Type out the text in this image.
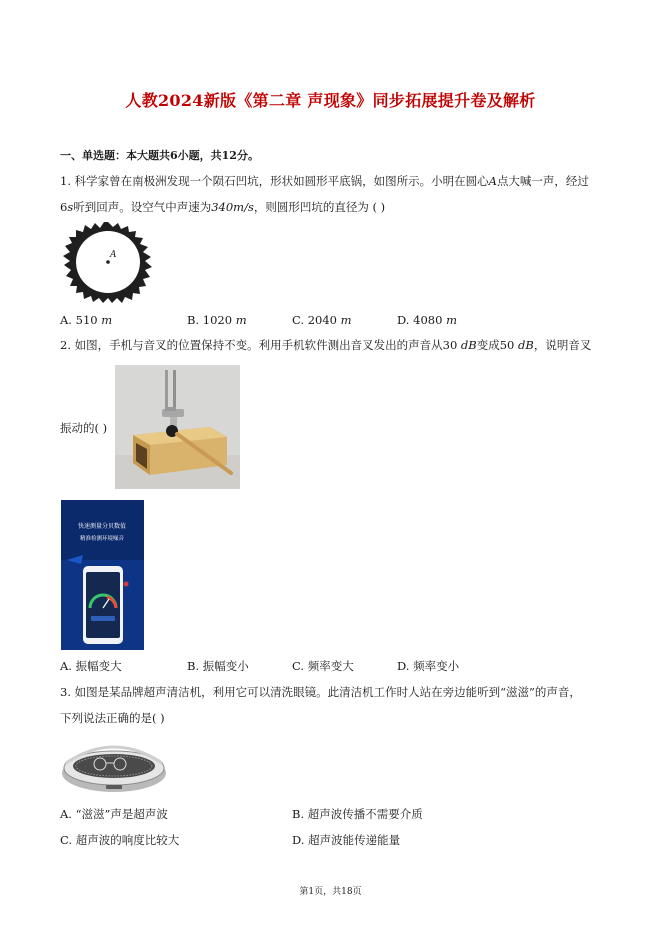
人教2024新版《第二章 声现象》同步拓展提升卷及解析
一、单选题：本大题共6小题，共12分。
1. 科学家曾在南极洲发现一个陨石凹坑，形状如圆形平底锅，如图所示。小明在圆心A点大喊一声，经过
6s听到回声。设空气中声速为340m/s，则圆形凹坑的直径为 ( )
A
A. 510 m	B. 1020 m	C. 2040 m	D. 4080 m
2. 如图，手机与音叉的位置保持不变。利用手机软件测出音叉发出的声音从30 dB变成50 dB，说明音叉
振动的( )
快速测量分贝数值
精准检测环境噪音
A. 振幅变大	B. 振幅变小	C. 频率变大	D. 频率变小
3. 如图是某品牌超声清洁机，利用它可以清洗眼镜。此清洁机工作时人站在旁边能听到“滋滋”的声音，
下列说法正确的是( )
A. “滋滋”声是超声波	B. 超声波传播不需要介质
C. 超声波的响度比较大	D. 超声波能传递能量
第1页，共18页
